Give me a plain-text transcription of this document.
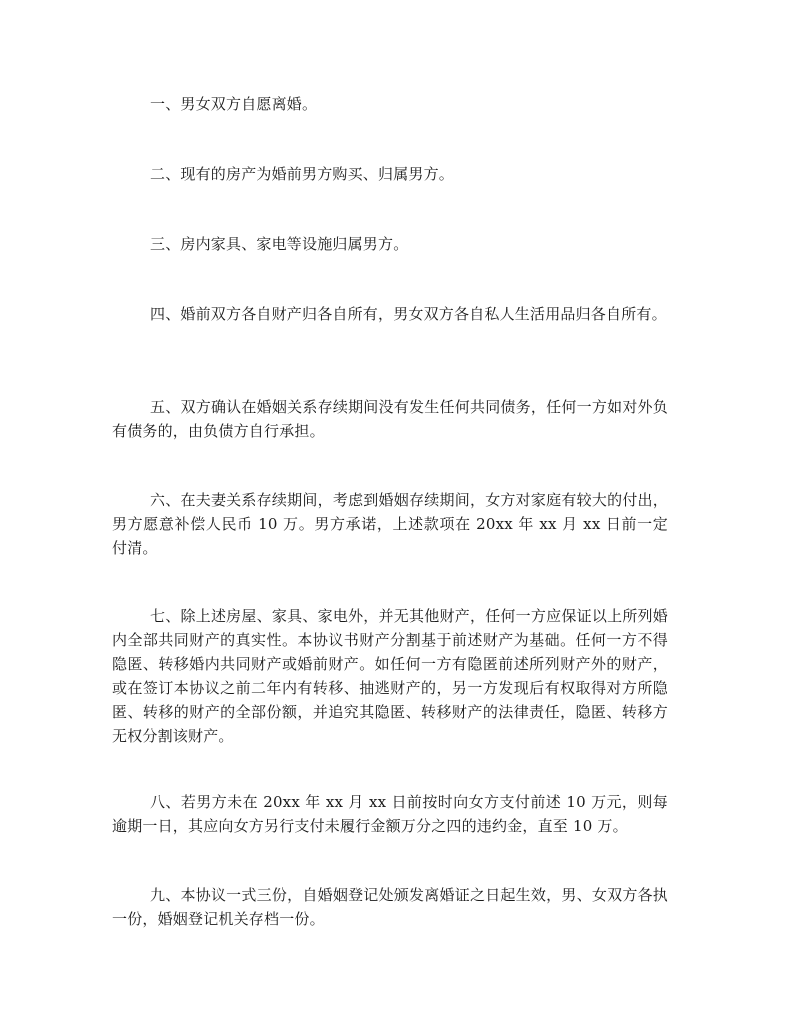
一、男女双方自愿离婚。

二、现有的房产为婚前男方购买、归属男方。

三、房内家具、家电等设施归属男方。

四、婚前双方各自财产归各自所有，男女双方各自私人生活用品归各自所有。

五、双方确认在婚姻关系存续期间没有发生任何共同债务，任何一方如对外负有债务的，由负债方自行承担。

六、在夫妻关系存续期间，考虑到婚姻存续期间，女方对家庭有较大的付出，男方愿意补偿人民币 10 万。男方承诺，上述款项在 20xx 年 xx 月 xx 日前一定付清。

七、除上述房屋、家具、家电外，并无其他财产，任何一方应保证以上所列婚内全部共同财产的真实性。本协议书财产分割基于前述财产为基础。任何一方不得隐匿、转移婚内共同财产或婚前财产。如任何一方有隐匿前述所列财产外的财产，或在签订本协议之前二年内有转移、抽逃财产的，另一方发现后有权取得对方所隐匿、转移的财产的全部份额，并追究其隐匿、转移财产的法律责任，隐匿、转移方无权分割该财产。

八、若男方未在 20xx 年 xx 月 xx 日前按时向女方支付前述 10 万元，则每逾期一日，其应向女方另行支付未履行金额万分之四的违约金，直至 10 万。

九、本协议一式三份，自婚姻登记处颁发离婚证之日起生效，男、女双方各执一份，婚姻登记机关存档一份。
